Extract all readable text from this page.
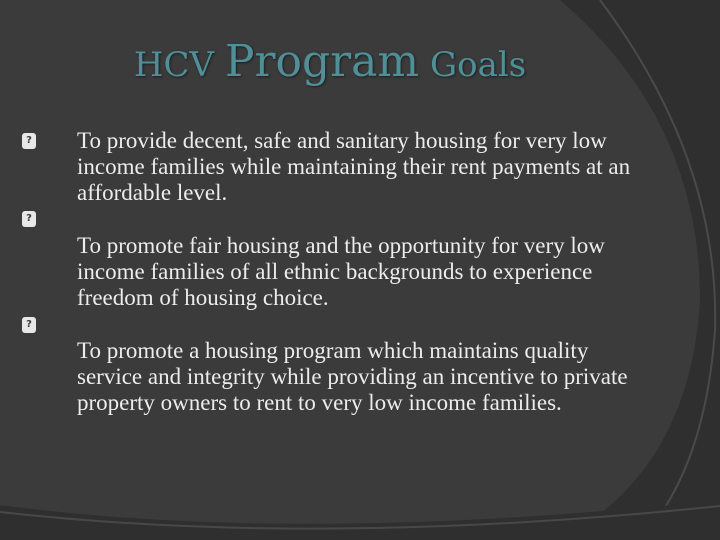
HCV Program Goals
? To provide decent, safe and sanitary housing for very low income families while maintaining their rent payments at an affordable level.
?
To promote fair housing and the opportunity for very low income families of all ethnic backgrounds to experience freedom of housing choice.
?
To promote a housing program which maintains quality service and integrity while providing an incentive to private property owners to rent to very low income families.
